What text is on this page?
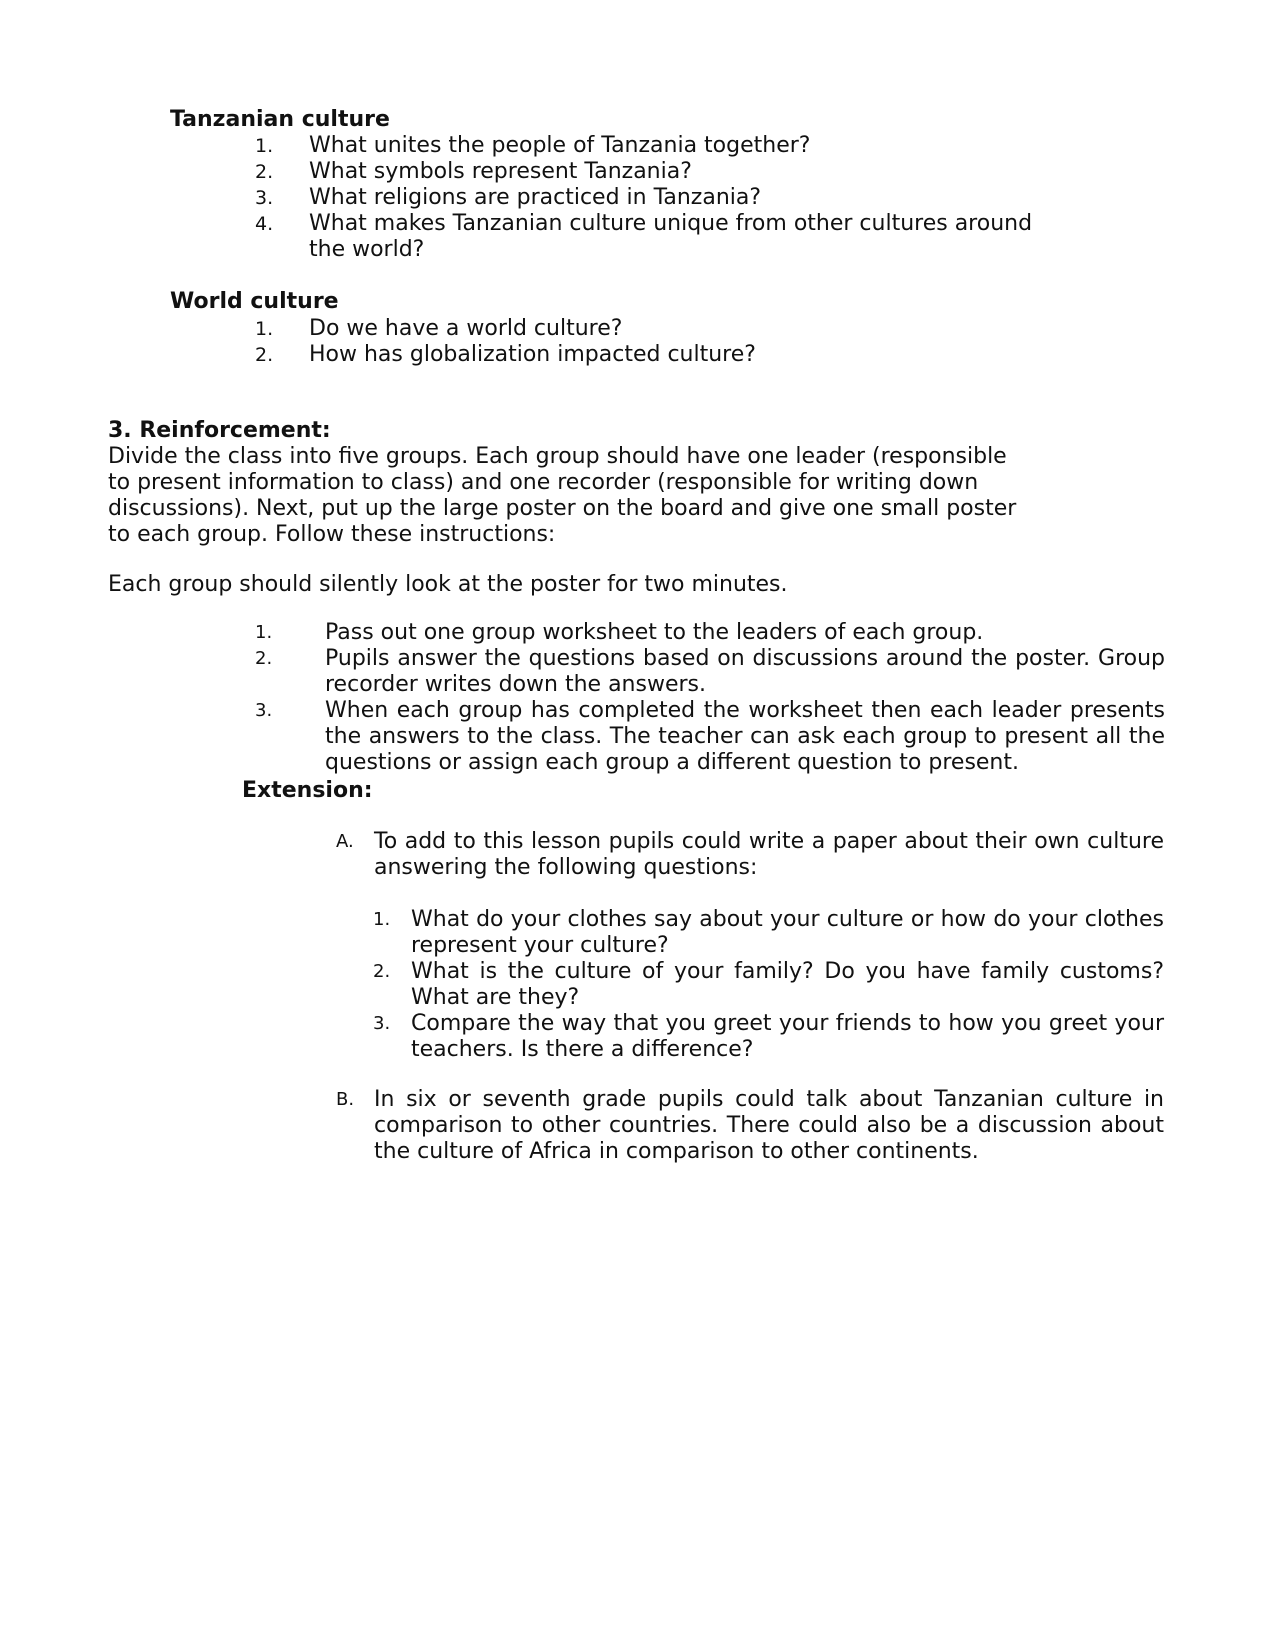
Tanzanian culture
1.	What unites the people of Tanzania together?
2.	What symbols represent Tanzania?
3.	What religions are practiced in Tanzania?
4.	What makes Tanzanian culture unique from other cultures around the world?
World culture
1.	Do we have a world culture?
2.	How has globalization impacted culture?
3. Reinforcement:

Divide the class into five groups. Each group should have one leader (responsible to present information to class) and one recorder (responsible for writing down discussions). Next, put up the large poster on the board and give one small poster to each group. Follow these instructions:

Each group should silently look at the poster for two minutes.

1.	Pass out one group worksheet to the leaders of each group.
2.	Pupils answer the questions based on discussions around the poster. Group recorder writes down the answers.
3.	When each group has completed the worksheet then each leader presents the answers to the class. The teacher can ask each group to present all the questions or assign each group a different question to present.
Extension:
A. To add to this lesson pupils could write a paper about their own culture answering the following questions:
1. What do your clothes say about your culture or how do your clothes represent your culture?
2. What is the culture of your family? Do you have family customs? What are they?
3. Compare the way that you greet your friends to how you greet your teachers. Is there a difference?
B. In six or seventh grade pupils could talk about Tanzanian culture in comparison to other countries. There could also be a discussion about the culture of Africa in comparison to other continents.
